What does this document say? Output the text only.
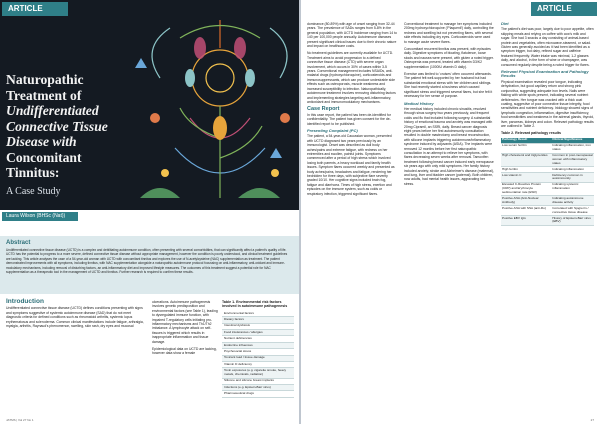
ARTICLE
Naturopathic
Treatment of
Undifferentiated
Connective Tissue
Disease with
Concomitant
Tinnitus:
A Case Study
Laura Wilson (BHSc (Nat))
Abstract
Undifferentiated connective tissue disease (UCTD) is a complex and debilitating autoimmune condition, often presenting with several comorbidities, that can significantly affect a patient's quality of life. UCTD has the potential to progress to a more severe, defined connective tissue disease without appropriate management, however the condition is poorly understood, and clinical treatment guidelines are lacking. This article analyses the case of a 54-year-old woman with UCTD with concomitant tinnitus and explores the use of N-acetylcysteine (NAC) supplementation as treatment. The patient demonstrated improvements with all symptoms, including tinnitus, with NAC supplementation alongside a naturopathic autoimmune protocol focussing on anti-inflammatory, anti-oxidant and immune-modulatory mechanisms, including removal of disturbing factors, an anti-inflammatory diet and improved lifestyle measures. The outcomes of this treatment suggest a potential role for NAC supplementation as a therapeutic tool in the management of UCTD and tinnitus. Further research is required to confirm these results.
Introduction

Undifferentiated connective tissue disease (UCTD) defines conditions presenting with signs and symptoms suggestive of systemic autoimmune disease (SAD) that do not meet diagnostic criteria for defined conditions such as rheumatoid arthritis, systemic lupus erythematosus and scleroderma. Common clinical manifestations include fatigue, arthralgia, myalgia, arthritis, Raynaud's phenomenon, swelling, skin rash, dry eyes and mucosal

ulcerations. Autoimmune pathogenesis involves genetic predisposition and environmental factors (see Table 1), leading to dysregulated immune function, with impaired T-regulatory cells initiating pro-inflammatory mechanisms and Th1/Th2 imbalance. A lymphocyte attack on self-tissues is triggered which results in inappropriate inflammation and tissue damage.

Epidemiological data on UCTD are lacking, however data show a female

Table 1. Environmental risk factors involved in autoimmune pathogenesis
Environmental factors
Dietary factors
Intestinal dysbiosis
Food intolerances / allergies
Nutrient deficiencies
Endocrine influences
Psychosocial stress
Toxicant load / tissue damage
Vitamin D deficiency
Toxin exposures (e.g. cigarette smoke, heavy metals, chemicals, radiation)
Silicone and silicone breast implants
Infections (e.g. Epstein-Barr virus)
Pharmaceutical drugs
JATMS | Vol 27 No 1
ARTICLE

dominance (80-89%) with age of onset ranging from 32-44 years. The prevalence of SADs ranges from 5-8% in the general population, with UCTD incidence ranging from 14 to 140 per 100,000 people annually. Autoimmune diseases present significant clinical issues due to their chronic nature and impact on healthcare costs.

No treatment guidelines are currently available for UCTD. Treatment aims to avoid progression to a defined connective tissue disease (CTD) with severe organ involvement, which occurs in 30% of cases within 3-5 years. Conventional management includes NSAIDs, anti-malarial drugs (hydroxychloroquine), corticosteroids and immunosuppressants, which can produce undesirable side effects such as osteoporosis, muscle weakness and increased susceptibility to infection. Naturopathically, autoimmune treatment involves removing disturbing factors and implementing strategies targeting anti-inflammatory, antioxidant and immunomodulatory mechanisms.

Case Report

In this case report, the patient has been de-identified for confidentiality. The patient has given consent for the de-identified report to be published.

Presenting Complaint (PC)

The patient, a 54-year-old Caucasian woman, presented with UCTD diagnosed two years previously by an immunologist. Onset was described as dull body aches/pains and extreme fatigue, with redness on her extremities and swollen, painful joints. Symptoms commenced after a period of high stress which involved losing both parents, a heavy workload and family health issues. Symptom flares occurred weekly and presented as body aches/pains, headaches and fatigue, rendering her bedridden for three days, with subjective flare severity graded 10/10. Her cognitive signs included brain fog, fatigue and diarrhoea. Times of high stress, exertion and episodes on the immune system, such as colds or respiratory infection, triggered significant flares.

Conventional treatment to manage her symptoms included 200mg hydroxychloroquine ('Plaquenil') daily, controlling the redness and swelling but not preventing flares, with several side effects including dry eyes. Corticosteroids were used to manage acute severe flares.

Concomitant recurrent tinnitus was present, with episodes daily. Digestive symptoms of bloating, flatulence, loose stools and nausea were present, with gluten a noted trigger. Osteopenia was present, treated with vitamin D3/K2 supplementation (1000IU vitamin D daily).

Exercise was limited to 'cruises' often occurred afterwards. The patient felt well-supported by her husband but had substantial emotional stress with her children and siblings. She had recently started a business which caused significant stress and triggered several flares, but she felt it necessary for her sense of purpose.

Medical History

Her medical history included chronic sinusitis, resolved through sinus surgery two years previously, and frequent colds and flu that included following surgery. A substantial history of emotional trauma and anxiety was managed with 20mg Cipramil, an SSRI, daily. Breast cancer diagnosis eight years before her first autoimmunity consultation resulted in double mastectomy and breast reconstruction, with silicone implants triggering autoimmune/inflammatory syndrome induced by adjuvants (ASIA). The implants were removed 12 months before her first naturopathic consultation in an attempt to relieve her symptoms, with flares decreasing seven weeks after removal. Tamoxifen treatment following breast cancer induced early menopause six years ago with only mild symptoms. Her family history included anxiety, stroke and Alzheimer's disease (maternal), and lung, liver and bladder cancer (paternal). Both children, now adults, had mental health issues, aggravating her stress.

Diet

The patient's diet was poor, largely due to poor appetite, often skipping meals and relying on coffee with cow's milk and sugar. She had 3 snacks a day consisting of animal-based protein and vegetables, often microwave-steamed, or salad. Gluten was generally avoided as it had been identified as a symptom trigger, but dairy, refined sugar and caffeine featured frequently. Water intake was minimal, 1-2 glasses daily, and alcohol, in the form of wine or champagne, was consumed regularly despite being a noted trigger for flares.

Relevant Physical Examination and Pathology Results

Physical examination revealed poor tongue, indicating dehydration, but good capillary return and strong pink conjunctiva, suggesting adequate iron levels. Nails were flaking with white spots present, indicating several nutrient deficiencies. Her tongue was cracked with a thick coat coating, suggestive of poor connective tissue integrity, food sensitivities and nutrient deficiency. Iridology showed signs of lymphatic congestion, inflammation, digestive insufficiency, food sensitivities and weakness in the adrenal glands, thyroid, liver, pancreas, kidneys and colon. Relevant pathology results are outlined in Table 2.

Table 2. Relevant pathology results
Pathology Result	Clinical Significance
Low serum ferritin	Indicating inflammation, iron status
High cholesterol and triglycerides	Common in post-menopausal women with inflammatory states
High ferritin	Indicating inflammation
Low vitamin C	Deficiency common in autoimmunity
Elevated C-Reactive Protein (CRP) and Erythrocyte sedimentation rate (ESR)	Indicating systemic inflammation
Positive ANA (Anti-Nuclear Antibody)	Indicating autoimmune disease activity
Positive ANA with SSA (anti-Ro)	Correlated with Sjogren's / connective tissue disease
Positive EBV IgG	History of Epstein-Barr virus (EBV)
27
